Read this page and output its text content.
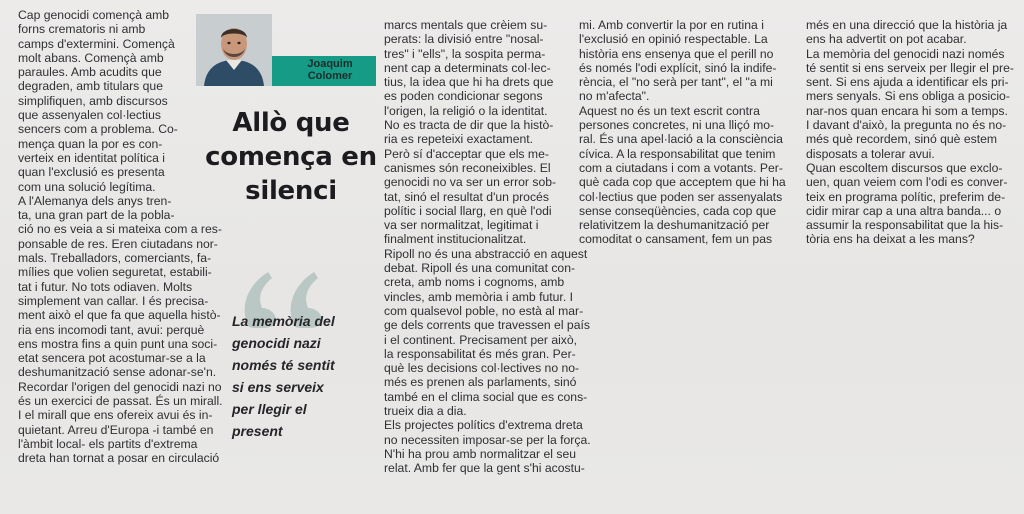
Cap genocidi començà amb

forns crematoris ni amb

camps d'extermini. Començà

molt abans. Començà amb

paraules. Amb acudits que

degraden, amb titulars que

simplifiquen, amb discursos

que assenyalen col·lectius

sencers com a problema. Co-

mença quan la por es con-

verteix en identitat política i

quan l'exclusió es presenta

com una solució legítima.

A l'Alemanya dels anys tren-

ta, una gran part de la pobla-

ció no es veia a si mateixa com a res-

ponsable de res. Eren ciutadans nor-

mals. Treballadors, comerciants, fa-

mílies que volien seguretat, estabili-

tat i futur. No tots odiaven. Molts

simplement van callar. I és precisa-

ment això el que fa que aquella histò-

ria ens incomodi tant, avui: perquè

ens mostra fins a quin punt una soci-

etat sencera pot acostumar-se a la

deshumanització sense adonar-se'n.

Recordar l'origen del genocidi nazi no

és un exercici de passat. És un mirall.

I el mirall que ens ofereix avui és in-

quietant. Arreu d'Europa -i també en

l'àmbit local- els partits d'extrema

dreta han tornat a posar en circulació

Joaquim
Colomer
Allò que
comença en
silenci

La memòria del

genocidi nazi

només té sentit

si ens serveix

per llegir el

present

marcs mentals que crèiem su-

perats: la divisió entre "nosal-

tres" i "ells", la sospita perma-

nent cap a determinats col·lec-

tius, la idea que hi ha drets que

es poden condicionar segons

l'origen, la religió o la identitat.

No es tracta de dir que la histò-

ria es repeteixi exactament.

Però sí d'acceptar que els me-

canismes són reconeixibles. El

genocidi no va ser un error sob-

tat, sinó el resultat d'un procés

polític i social llarg, en què l'odi

va ser normalitzat, legitimat i

finalment institucionalitzat.

Ripoll no és una abstracció en aquest

debat. Ripoll és una comunitat con-

creta, amb noms i cognoms, amb

vincles, amb memòria i amb futur. I

com qualsevol poble, no està al mar-

ge dels corrents que travessen el país

i el continent. Precisament per això,

la responsabilitat és més gran. Per-

què les decisions col·lectives no no-

més es prenen als parlaments, sinó

també en el clima social que es cons-

trueix dia a dia.

Els projectes polítics d'extrema dreta

no necessiten imposar-se per la força.

N'hi ha prou amb normalitzar el seu

relat. Amb fer que la gent s'hi acostu-

mi. Amb convertir la por en rutina i

l'exclusió en opinió respectable. La

història ens ensenya que el perill no

és només l'odi explícit, sinó la indife-

rència, el "no serà per tant", el "a mi

no m'afecta".

Aquest no és un text escrit contra

persones concretes, ni una lliçó mo-

ral. És una apel·lació a la consciència

cívica. A la responsabilitat que tenim

com a ciutadans i com a votants. Per-

què cada cop que acceptem que hi ha

col·lectius que poden ser assenyalats

sense conseqüències, cada cop que

relativitzem la deshumanització per

comoditat o cansament, fem un pas

més en una direcció que la història ja

ens ha advertit on pot acabar.

La memòria del genocidi nazi només

té sentit si ens serveix per llegir el pre-

sent. Si ens ajuda a identificar els pri-

mers senyals. Si ens obliga a posicio-

nar-nos quan encara hi som a temps.

I davant d'això, la pregunta no és no-

més què recordem, sinó què estem

disposats a tolerar avui.

Quan escoltem discursos que exclo-

uen, quan veiem com l'odi es conver-

teix en programa polític, preferim de-

cidir mirar cap a una altra banda... o

assumir la responsabilitat que la his-

tòria ens ha deixat a les mans?
